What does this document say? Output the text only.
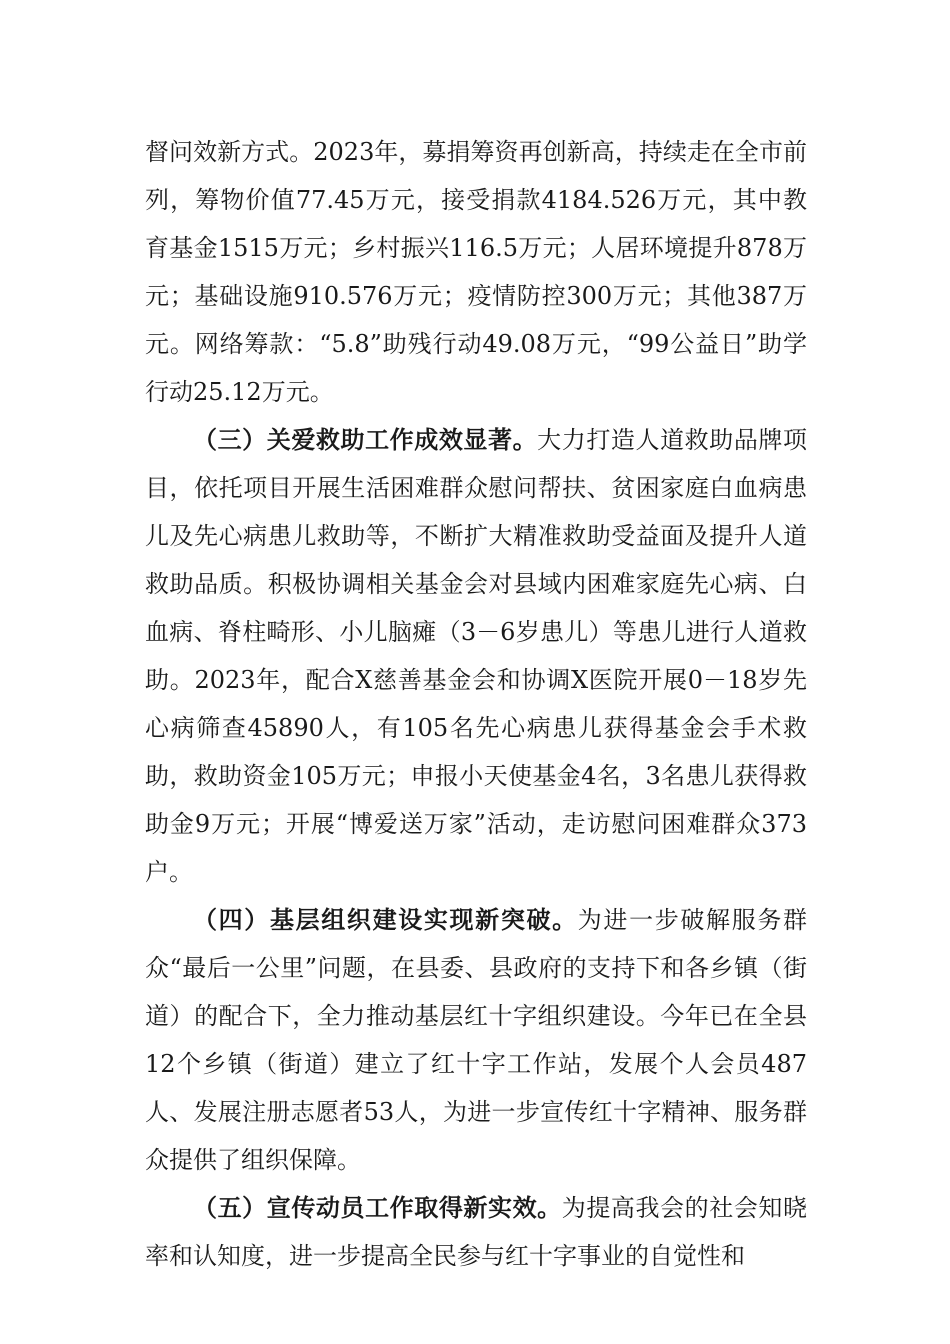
督问效新方式。2023年，募捐筹资再创新高，持续走在全市前列，筹物价值77.45万元，接受捐款4184.526万元，其中教育基金1515万元；乡村振兴116.5万元；人居环境提升878万元；基础设施910.576万元；疫情防控300万元；其他387万元。网络筹款：“5.8”助残行动49.08万元，“99公益日”助学行动25.12万元。

（三）关爱救助工作成效显著。大力打造人道救助品牌项目，依托项目开展生活困难群众慰问帮扶、贫困家庭白血病患儿及先心病患儿救助等，不断扩大精准救助受益面及提升人道救助品质。积极协调相关基金会对县域内困难家庭先心病、白血病、脊柱畸形、小儿脑瘫（3－6岁患儿）等患儿进行人道救助。2023年，配合X慈善基金会和协调X医院开展0－18岁先心病筛查45890人，有105名先心病患儿获得基金会手术救助，救助资金105万元；申报小天使基金4名，3名患儿获得救助金9万元；开展“博爱送万家”活动，走访慰问困难群众373户。

（四）基层组织建设实现新突破。为进一步破解服务群众“最后一公里”问题，在县委、县政府的支持下和各乡镇（街道）的配合下，全力推动基层红十字组织建设。今年已在全县12个乡镇（街道）建立了红十字工作站，发展个人会员487人、发展注册志愿者53人，为进一步宣传红十字精神、服务群众提供了组织保障。

（五）宣传动员工作取得新实效。为提高我会的社会知晓率和认知度，进一步提高全民参与红十字事业的自觉性和
